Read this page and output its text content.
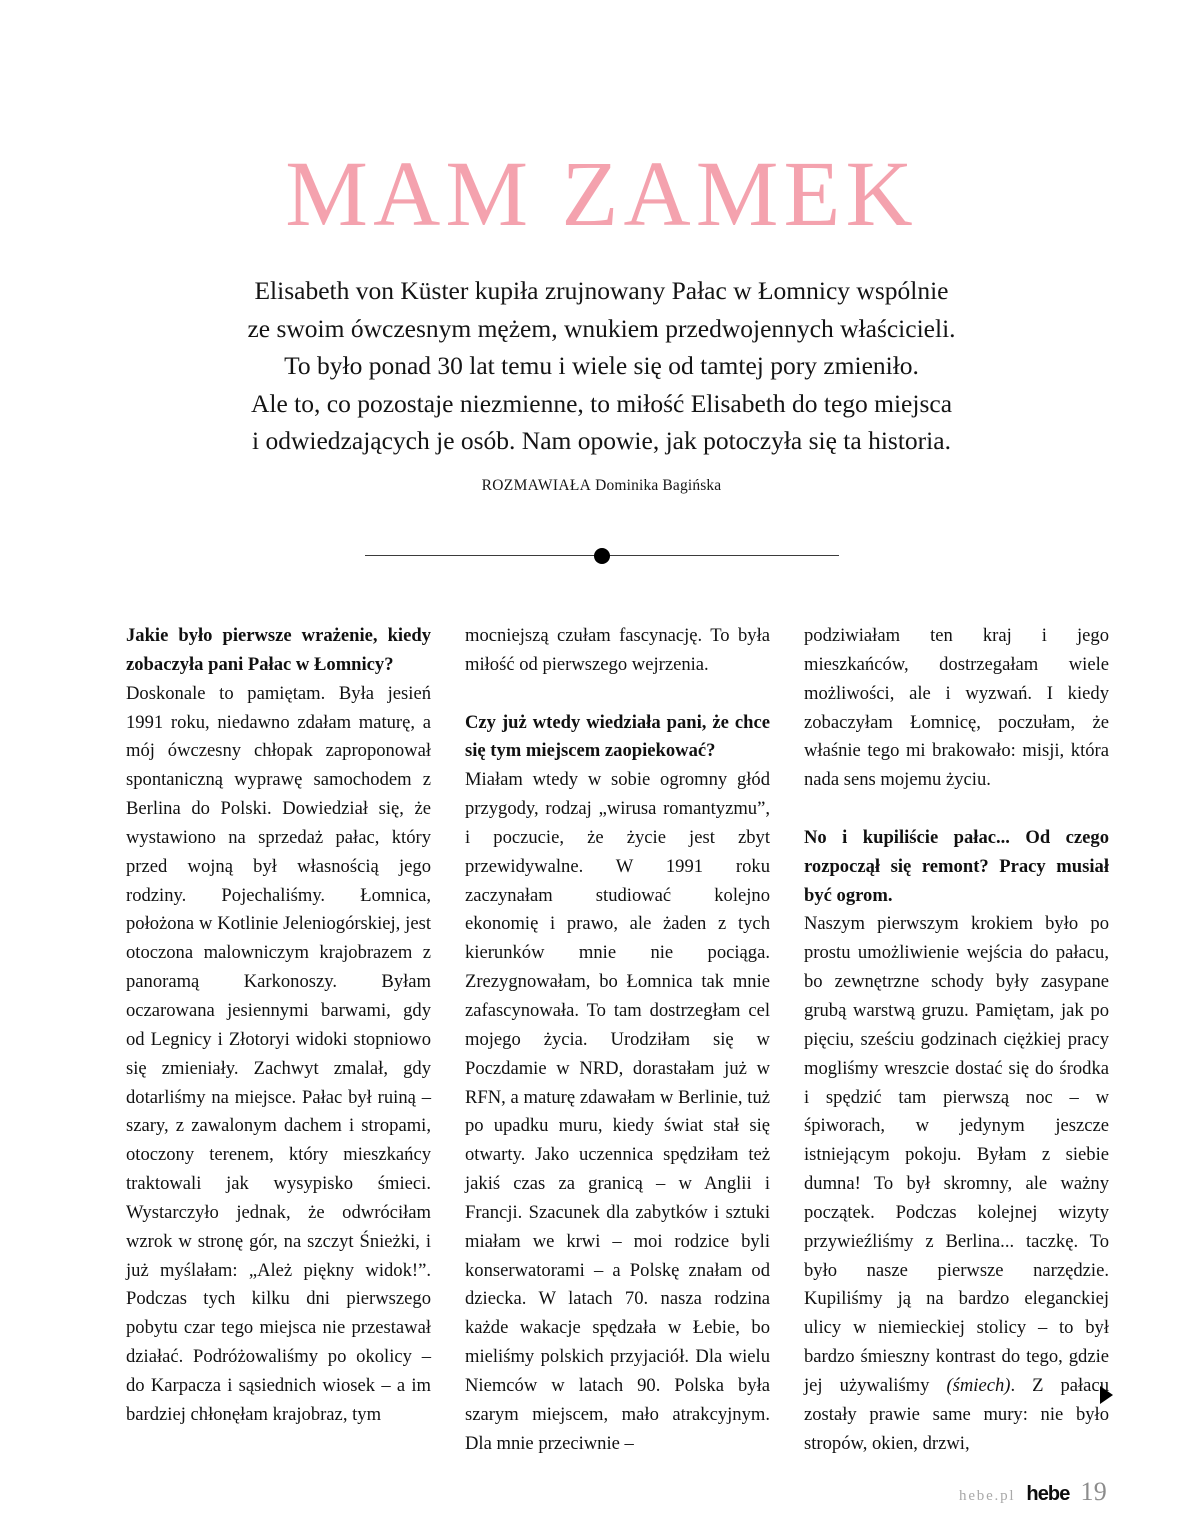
MAM ZAMEK

Elisabeth von Küster kupiła zrujnowany Pałac w Łomnicy wspólnie

ze swoim ówczesnym mężem, wnukiem przedwojennych właścicieli.

To było ponad 30 lat temu i wiele się od tamtej pory zmieniło.

Ale to, co pozostaje niezmienne, to miłość Elisabeth do tego miejsca

i odwiedzających je osób. Nam opowie, jak potoczyła się ta historia.

ROZMAWIAŁA Dominika Bagińska

Jakie było pierwsze wrażenie, kiedy zobaczyła pani Pałac w Łomnicy?

Doskonale to pamiętam. Była jesień 1991 roku, niedawno zdałam maturę, a mój ówczesny chłopak zaproponował spontaniczną wyprawę samochodem z Berlina do Polski. Dowiedział się, że wystawiono na sprzedaż pałac, który przed wojną był własnością jego rodziny. Pojechaliśmy. Łomnica, położona w Kotlinie Jeleniogórskiej, jest otoczona malowniczym krajobrazem z panoramą Karkonoszy. Byłam oczarowana jesiennymi barwami, gdy od Legnicy i Złotoryi widoki stopniowo się zmieniały. Zachwyt zmalał, gdy dotarliśmy na miejsce. Pałac był ruiną – szary, z zawalonym dachem i stropami, otoczony terenem, który mieszkańcy traktowali jak wysypisko śmieci. Wystarczyło jednak, że odwróciłam wzrok w stronę gór, na szczyt Śnieżki, i już myślałam: „Ależ piękny widok!”. Podczas tych kilku dni pierwszego pobytu czar tego miejsca nie przestawał działać. Podróżowaliśmy po okolicy – do Karpacza i sąsiednich wiosek – a im bardziej chłonęłam krajobraz, tym

mocniejszą czułam fascynację. To była miłość od pierwszego wejrzenia.

Czy już wtedy wiedziała pani, że chce się tym miejscem zaopiekować?

Miałam wtedy w sobie ogromny głód przygody, rodzaj „wirusa romantyzmu”, i poczucie, że życie jest zbyt przewidywalne. W 1991 roku zaczynałam studiować kolejno ekonomię i prawo, ale żaden z tych kierunków mnie nie pociąga. Zrezygnowałam, bo Łomnica tak mnie zafascynowała. To tam dostrzegłam cel mojego życia. Urodziłam się w Poczdamie w NRD, dorastałam już w RFN, a maturę zdawałam w Berlinie, tuż po upadku muru, kiedy świat stał się otwarty. Jako uczennica spędziłam też jakiś czas za granicą – w Anglii i Francji. Szacunek dla zabytków i sztuki miałam we krwi – moi rodzice byli konserwatorami – a Polskę znałam od dziecka. W latach 70. nasza rodzina każde wakacje spędzała w Łebie, bo mieliśmy polskich przyjaciół. Dla wielu Niemców w latach 90. Polska była szarym miejscem, mało atrakcyjnym. Dla mnie przeciwnie –

podziwiałam ten kraj i jego mieszkańców, dostrzegałam wiele możliwości, ale i wyzwań. I kiedy zobaczyłam Łomnicę, poczułam, że właśnie tego mi brakowało: misji, która nada sens mojemu życiu.

No i kupiliście pałac... Od czego rozpoczął się remont? Pracy musiał być ogrom.

Naszym pierwszym krokiem było po prostu umożliwienie wejścia do pałacu, bo zewnętrzne schody były zasypane grubą warstwą gruzu. Pamiętam, jak po pięciu, sześciu godzinach ciężkiej pracy mogliśmy wreszcie dostać się do środka i spędzić tam pierwszą noc – w śpiworach, w jedynym jeszcze istniejącym pokoju. Byłam z siebie dumna! To był skromny, ale ważny początek. Podczas kolejnej wizyty przywieźliśmy z Berlina... taczkę. To było nasze pierwsze narzędzie. Kupiliśmy ją na bardzo eleganckiej ulicy w niemieckiej stolicy – to był bardzo śmieszny kontrast do tego, gdzie jej używaliśmy (śmiech). Z pałacu zostały prawie same mury: nie było stropów, okien, drzwi,

hebe.pl hebe 19
